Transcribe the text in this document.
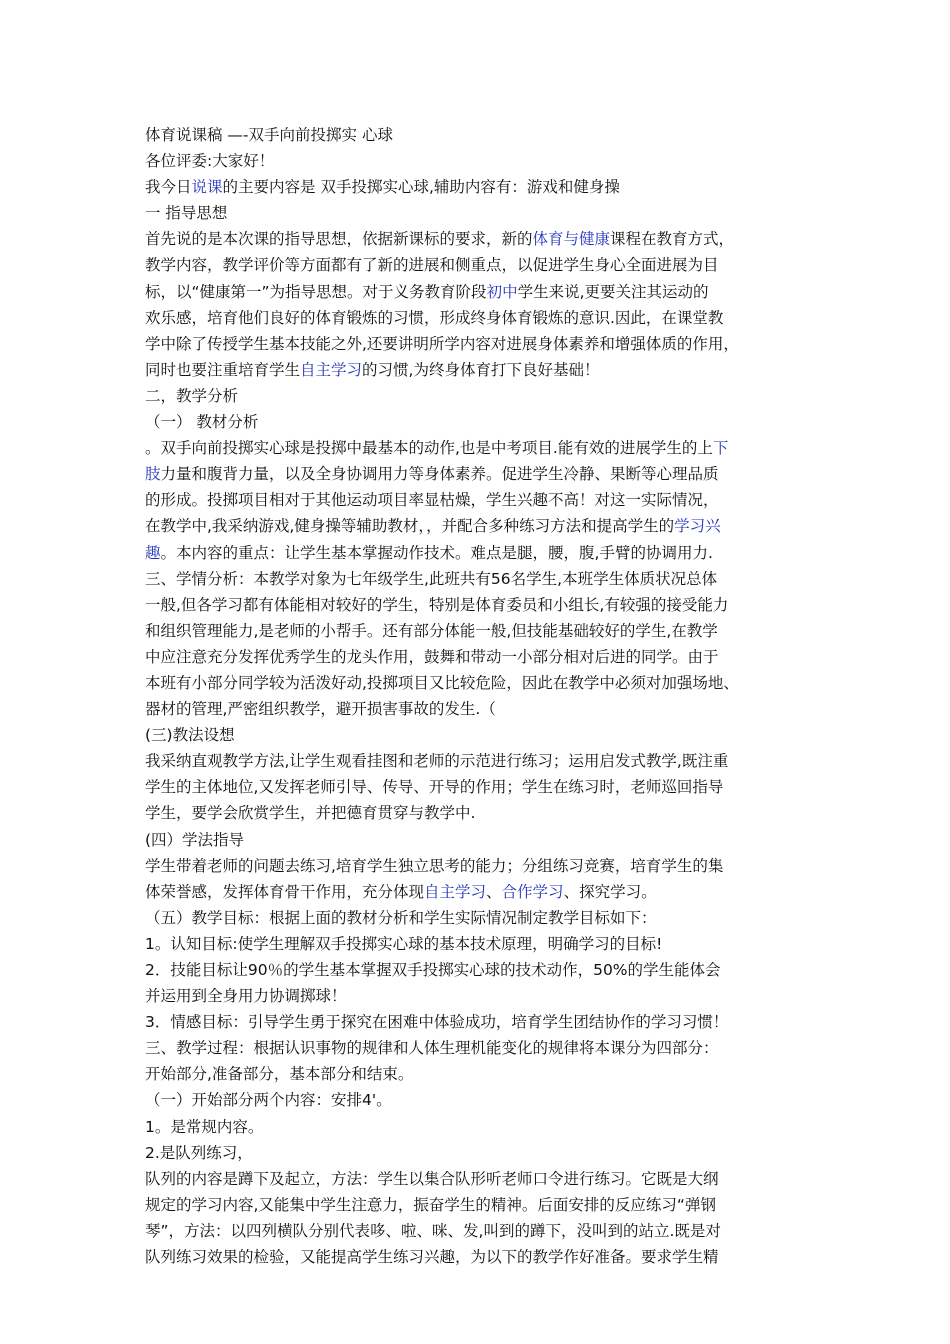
体育说课稿 —-双手向前投掷实 心球

各位评委:大家好！

我今日说课的主要内容是 双手投掷实心球,辅助内容有：游戏和健身操

一 指导思想

首先说的是本次课的指导思想，依据新课标的要求，新的体育与健康课程在教育方式，

教学内容，教学评价等方面都有了新的进展和侧重点，以促进学生身心全面进展为目

标，以“健康第一”为指导思想。对于义务教育阶段初中学生来说,更要关注其运动的

欢乐感，培育他们良好的体育锻炼的习惯，形成终身体育锻炼的意识.因此，在课堂教

学中除了传授学生基本技能之外,还要讲明所学内容对进展身体素养和增强体质的作用，

同时也要注重培育学生自主学习的习惯,为终身体育打下良好基础！

二，教学分析

（一） 教材分析

。双手向前投掷实心球是投掷中最基本的动作,也是中考项目.能有效的进展学生的上下

肢力量和腹背力量，以及全身协调用力等身体素养。促进学生冷静、果断等心理品质

的形成。投掷项目相对于其他运动项目率显枯燥，学生兴趣不高！对这一实际情况，

在教学中,我采纳游戏,健身操等辅助教材，，并配合多种练习方法和提高学生的学习兴

趣。本内容的重点：让学生基本掌握动作技术。难点是腿，腰，腹,手臂的协调用力.

三、学情分析：本教学对象为七年级学生,此班共有56名学生,本班学生体质状况总体

一般,但各学习都有体能相对较好的学生，特别是体育委员和小组长,有较强的接受能力

和组织管理能力,是老师的小帮手。还有部分体能一般,但技能基础较好的学生,在教学

中应注意充分发挥优秀学生的龙头作用，鼓舞和带动一小部分相对后进的同学。由于

本班有小部分同学较为活泼好动,投掷项目又比较危险，因此在教学中必须对加强场地、

器材的管理,严密组织教学，避开损害事故的发生.（

(三)教法设想

我采纳直观教学方法,让学生观看挂图和老师的示范进行练习；运用启发式教学,既注重

学生的主体地位,又发挥老师引导、传导、开导的作用；学生在练习时，老师巡回指导

学生，要学会欣赏学生，并把德育贯穿与教学中.

(四）学法指导

学生带着老师的问题去练习,培育学生独立思考的能力；分组练习竞赛，培育学生的集

体荣誉感，发挥体育骨干作用，充分体现自主学习、合作学习、探究学习。

（五）教学目标：根据上面的教材分析和学生实际情况制定教学目标如下：

1。认知目标:使学生理解双手投掷实心球的基本技术原理，明确学习的目标!

2．技能目标让90％的学生基本掌握双手投掷实心球的技术动作，50%的学生能体会

并运用到全身用力协调掷球！

3．情感目标：引导学生勇于探究在困难中体验成功，培育学生团结协作的学习习惯！

三、教学过程：根据认识事物的规律和人体生理机能变化的规律将本课分为四部分：

开始部分,准备部分，基本部分和结束。

（一）开始部分两个内容：安排4'。

1。是常规内容。

2.是队列练习，

队列的内容是蹲下及起立，方法：学生以集合队形听老师口令进行练习。它既是大纲

规定的学习内容,又能集中学生注意力，振奋学生的精神。后面安排的反应练习“弹钢

琴”，方法：以四列横队分别代表哆、啦、咪、发,叫到的蹲下，没叫到的站立.既是对

队列练习效果的检验，又能提高学生练习兴趣，为以下的教学作好准备。要求学生精
